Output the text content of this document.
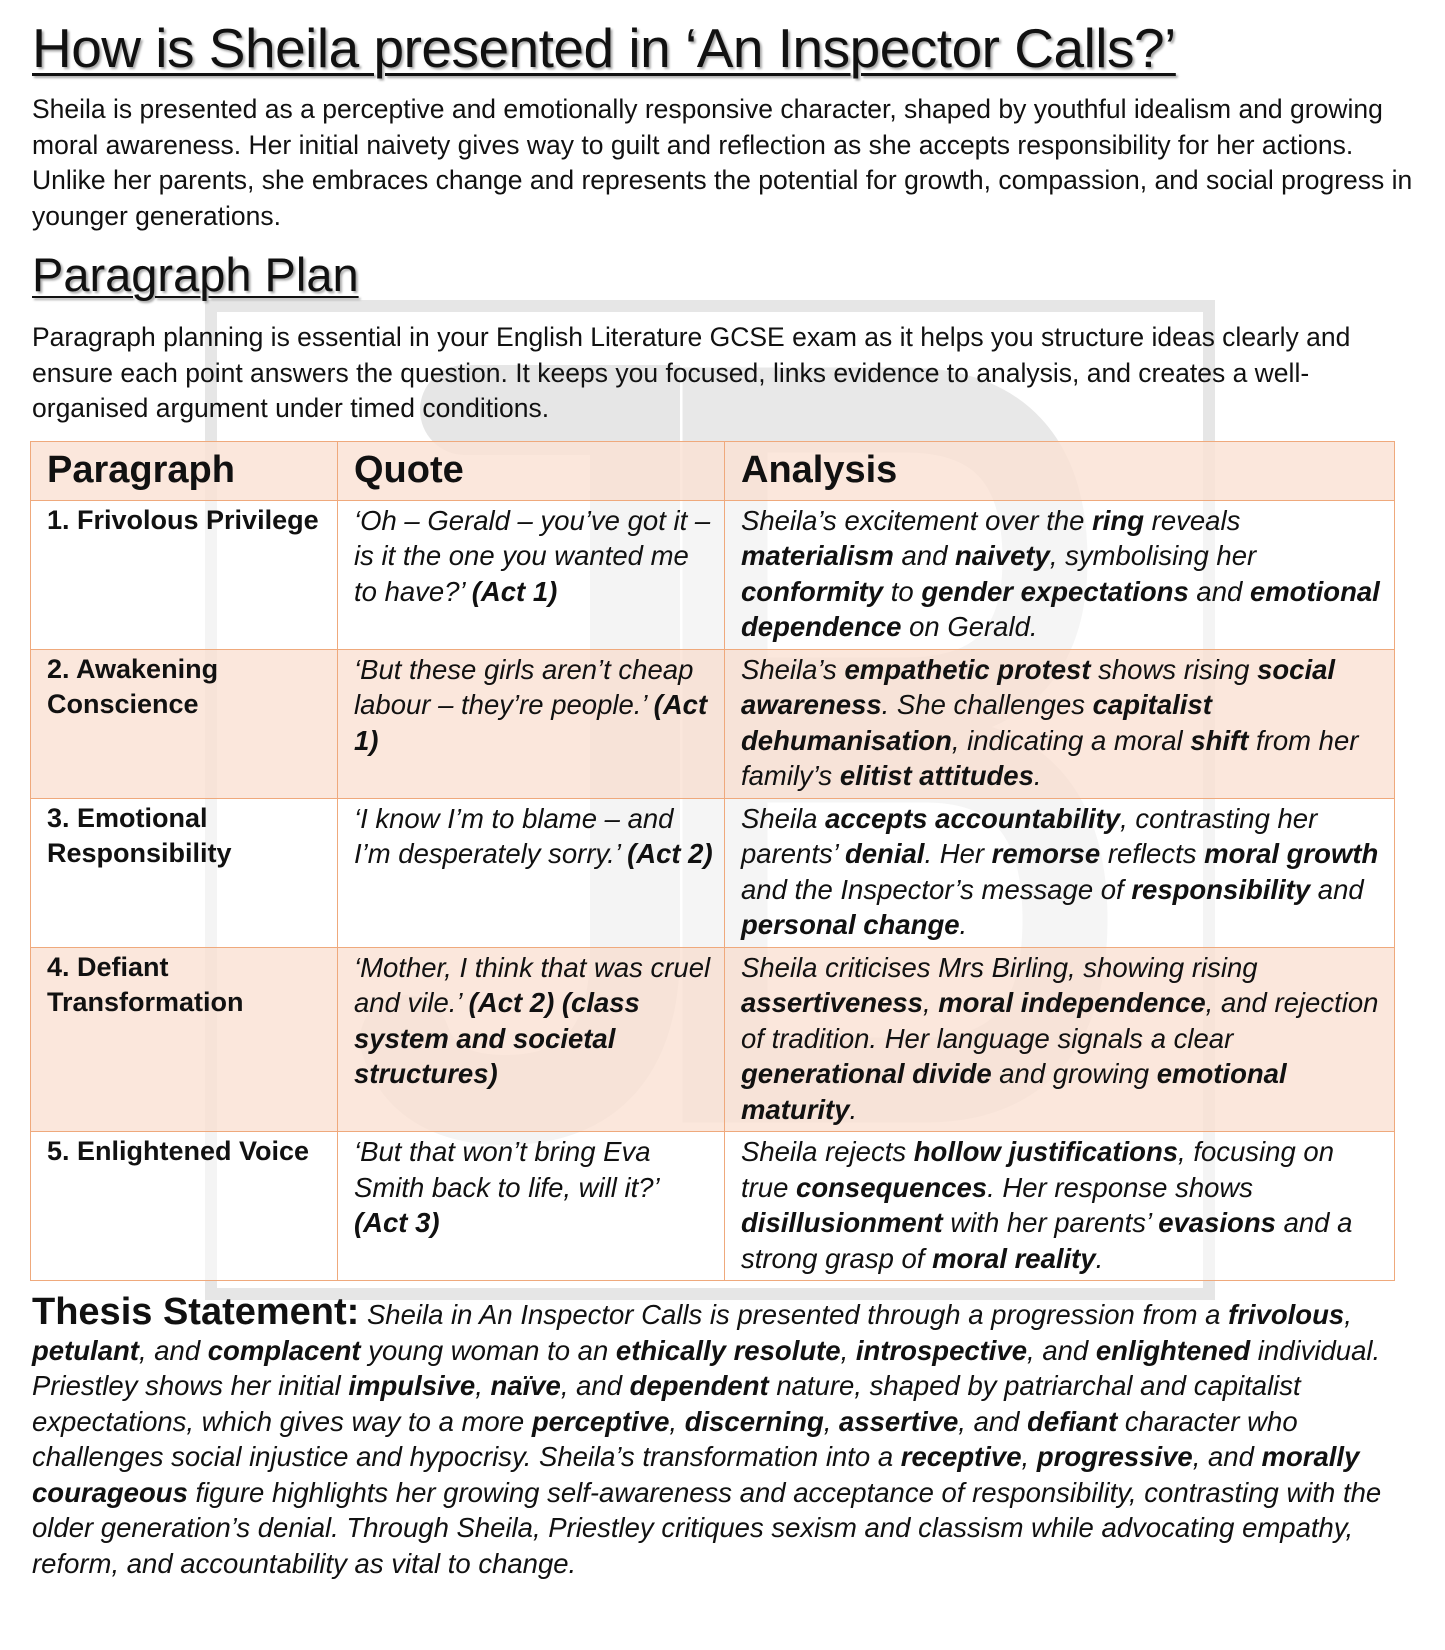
How is Sheila presented in ‘An Inspector Calls?’

Sheila is presented as a perceptive and emotionally responsive character, shaped by youthful idealism and growing moral awareness. Her initial naivety gives way to guilt and reflection as she accepts responsibility for her actions. Unlike her parents, she embraces change and represents the potential for growth, compassion, and social progress in younger generations.

Paragraph Plan

Paragraph planning is essential in your English Literature GCSE exam as it helps you structure ideas clearly and ensure each point answers the question. It keeps you focused, links evidence to analysis, and creates a well-organised argument under timed conditions.

Paragraph	Quote	Analysis
1. Frivolous Privilege	‘Oh – Gerald – you’ve got it – is it the one you wanted me to have?’ (Act 1)	Sheila’s excitement over the ring reveals materialism and naivety, symbolising her conformity to gender expectations and emotional dependence on Gerald.
2. Awakening Conscience	‘But these girls aren’t cheap labour – they’re people.’ (Act 1)	Sheila’s empathetic protest shows rising social awareness. She challenges capitalist dehumanisation, indicating a moral shift from her family’s elitist attitudes.
3. Emotional Responsibility	‘I know I’m to blame – and I’m desperately sorry.’ (Act 2)	Sheila accepts accountability, contrasting her parents’ denial. Her remorse reflects moral growth and the Inspector’s message of responsibility and personal change.
4. Defiant Transformation	‘Mother, I think that was cruel and vile.’ (Act 2) (class system and societal structures)	Sheila criticises Mrs Birling, showing rising assertiveness, moral independence, and rejection of tradition. Her language signals a clear generational divide and growing emotional maturity.
5. Enlightened Voice	‘But that won’t bring Eva Smith back to life, will it?’ (Act 3)	Sheila rejects hollow justifications, focusing on true consequences. Her response shows disillusionment with her parents’ evasions and a strong grasp of moral reality.

Thesis Statement: Sheila in An Inspector Calls is presented through a progression from a frivolous, petulant, and complacent young woman to an ethically resolute, introspective, and enlightened individual. Priestley shows her initial impulsive, naïve, and dependent nature, shaped by patriarchal and capitalist expectations, which gives way to a more perceptive, discerning, assertive, and defiant character who challenges social injustice and hypocrisy. Sheila’s transformation into a receptive, progressive, and morally courageous figure highlights her growing self-awareness and acceptance of responsibility, contrasting with the older generation’s denial. Through Sheila, Priestley critiques sexism and classism while advocating empathy, reform, and accountability as vital to change.
